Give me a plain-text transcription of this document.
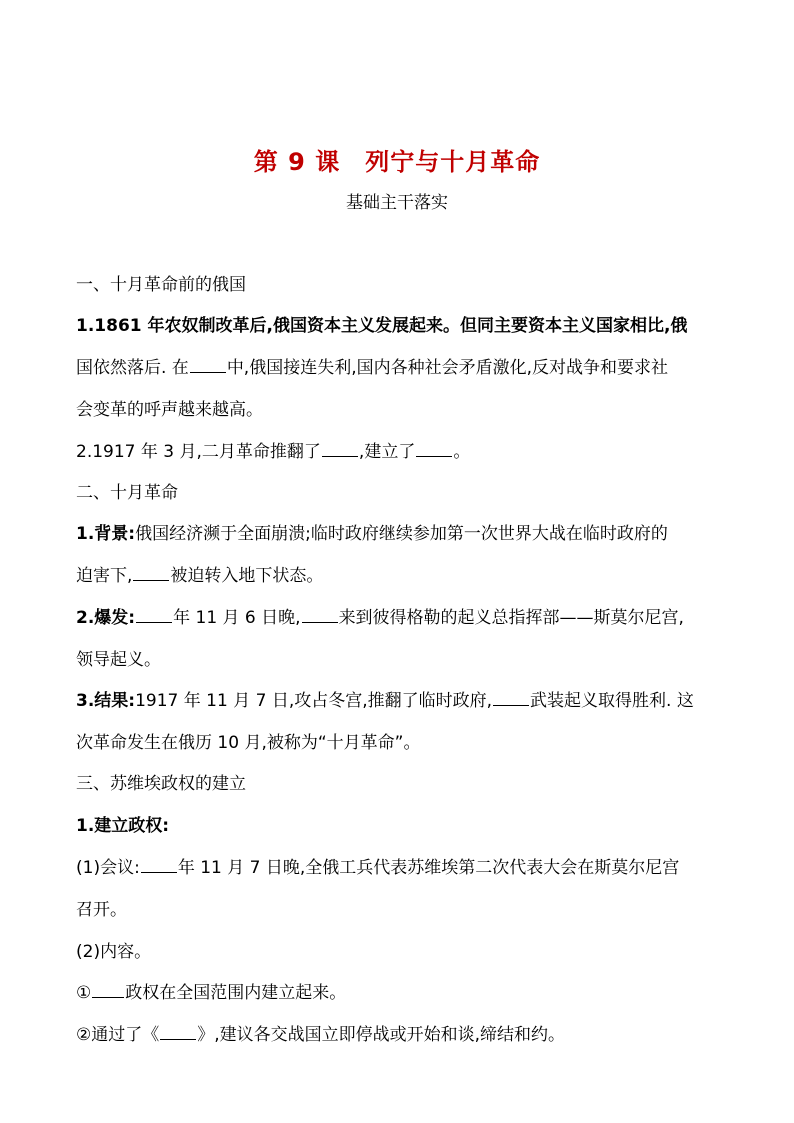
第 9 课　列宁与十月革命
基础主干落实
一、十月革命前的俄国
1.1861 年农奴制改革后,俄国资本主义发展起来。但同主要资本主义国家相比,俄
国依然落后. 在 中,俄国接连失利,国内各种社会矛盾激化,反对战争和要求社
会变革的呼声越来越高。
2.1917 年 3 月,二月革命推翻了 ,建立了 。
二、十月革命
1.背景:俄国经济濒于全面崩溃;临时政府继续参加第一次世界大战在临时政府的
迫害下, 被迫转入地下状态。
2.爆发: 年 11 月 6 日晚, 来到彼得格勒的起义总指挥部——斯莫尔尼宫,
领导起义。
3.结果:1917 年 11 月 7 日,攻占冬宫,推翻了临时政府, 武装起义取得胜利. 这
次革命发生在俄历 10 月,被称为“十月革命”。
三、苏维埃政权的建立
1.建立政权:
(1)会议: 年 11 月 7 日晚,全俄工兵代表苏维埃第二次代表大会在斯莫尔尼宫
召开。
(2)内容。
① 政权在全国范围内建立起来。
②通过了《 》,建议各交战国立即停战或开始和谈,缔结和约。
